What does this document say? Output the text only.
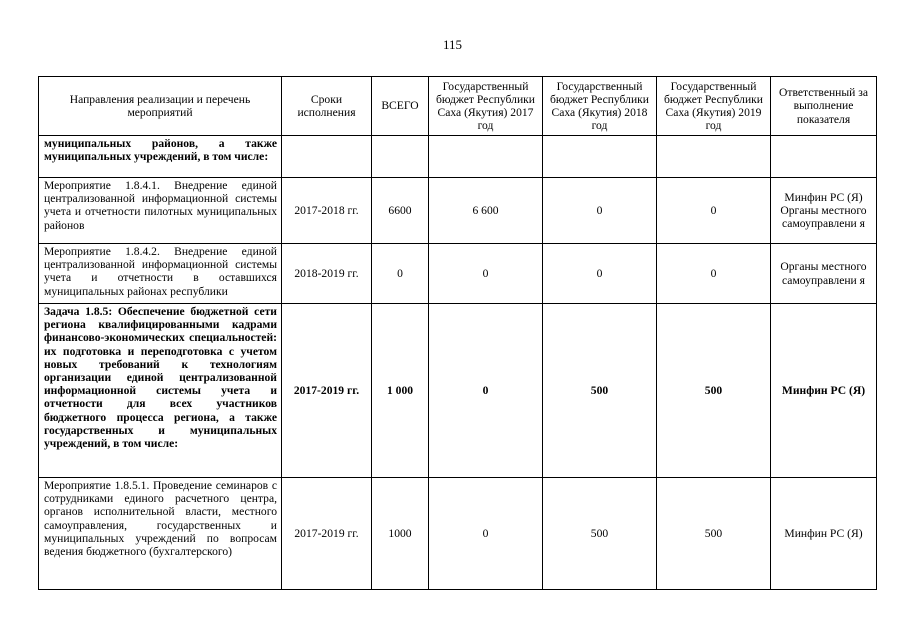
115
Направления реализации и перечень мероприятий	Сроки исполнения	ВСЕГО	Государственный бюджет Республики Саха (Якутия) 2017 год	Государственный бюджет Республики Саха (Якутия) 2018 год	Государственный бюджет Республики Саха (Якутия) 2019 год	Ответственный за выполнение показателя
муниципальных районов, а также муниципальных учреждений, в том числе:						
Мероприятие 1.8.4.1. Внедрение единой централизованной информационной системы учета и отчетности пилотных муниципальных районов	2017-2018 гг.	6600	6 600	0	0	Минфин РС (Я) Органы местного самоуправлени я
Мероприятие 1.8.4.2. Внедрение единой централизованной информационной системы учета и отчетности в оставшихся муниципальных районах республики	2018-2019 гг.	0	0	0	0	Органы местного самоуправлени я
Задача 1.8.5: Обеспечение бюджетной сети региона квалифицированными кадрами финансово-экономических специальностей: их подготовка и переподготовка с учетом новых требований к технологиям организации единой централизованной информационной системы учета и отчетности для всех участников бюджетного процесса региона, а также государственных и муниципальных учреждений, в том числе:	2017-2019 гг.	1 000	0	500	500	Минфин РС (Я)
Мероприятие 1.8.5.1. Проведение семинаров с сотрудниками единого расчетного центра, органов исполнительной власти, местного самоуправления, государственных и муниципальных учреждений по вопросам ведения бюджетного (бухгалтерского)	2017-2019 гг.	1000	0	500	500	Минфин РС (Я)
